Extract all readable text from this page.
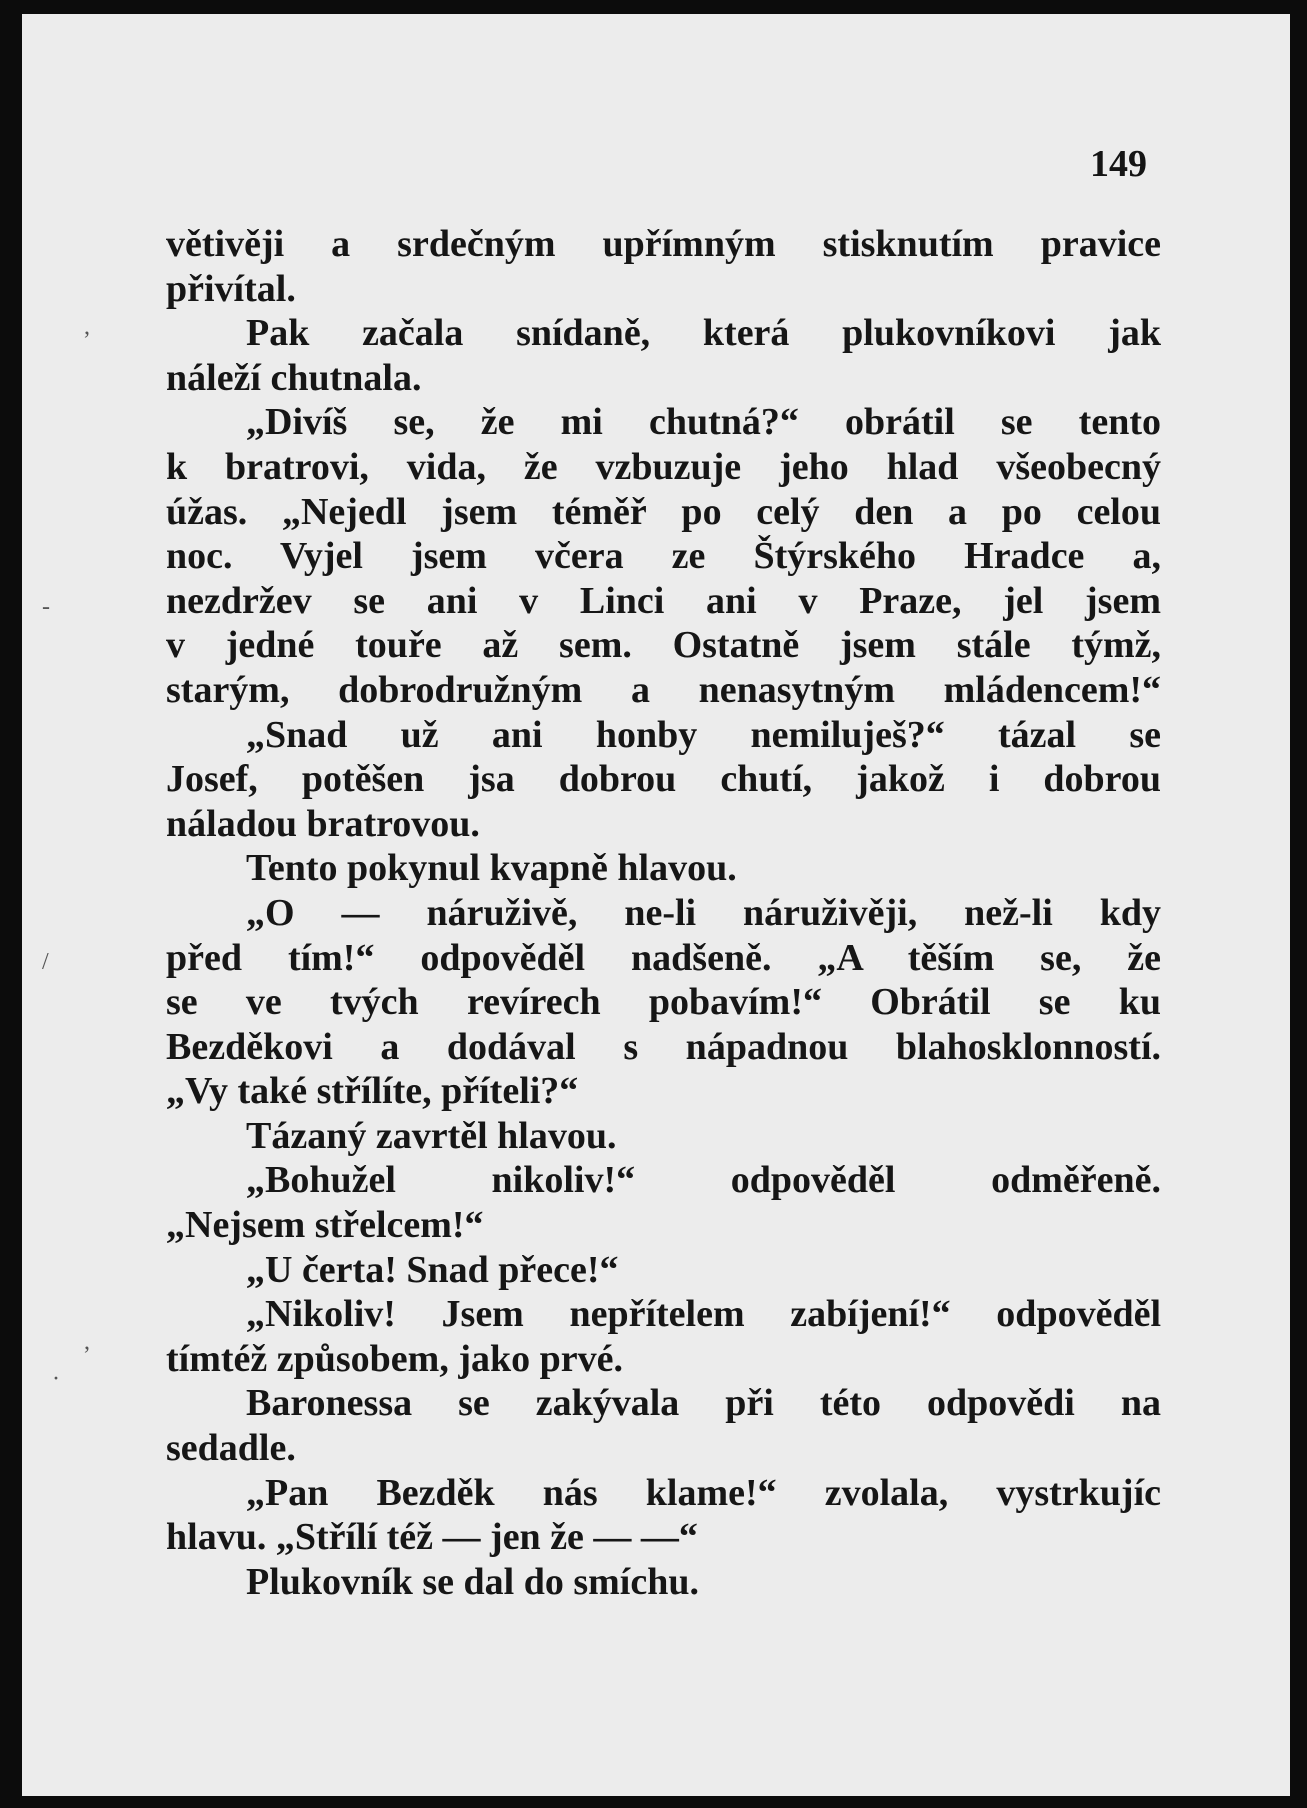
149

větivěji a srdečným upřímným stisknutím pravice
přivítal.
Pak začala snídaně, která plukovníkovi jak
náleží chutnala.
„Divíš se, že mi chutná?“ obrátil se tento
k bratrovi, vida, že vzbuzuje jeho hlad všeobecný
úžas. „Nejedl jsem téměř po celý den a po celou
noc. Vyjel jsem včera ze Štýrského Hradce a,
nezdržev se ani v Linci ani v Praze, jel jsem
v jedné touře až sem. Ostatně jsem stále týmž,
starým, dobrodružným a nenasytným mládencem!“
„Snad už ani honby nemiluješ?“ tázal se
Josef, potěšen jsa dobrou chutí, jakož i dobrou
náladou bratrovou.
Tento pokynul kvapně hlavou.
„O — náruživě, ne-li náruživěji, než-li kdy
před tím!“ odpověděl nadšeně. „A těším se, že
se ve tvých revírech pobavím!“ Obrátil se ku
Bezděkovi a dodával s nápadnou blahosklonností.
„Vy také střílíte, příteli?“
Tázaný zavrtěl hlavou.
„Bohužel nikoliv!“ odpověděl odměřeně.
„Nejsem střelcem!“
„U čerta! Snad přece!“
„Nikoliv! Jsem nepřítelem zabíjení!“ odpověděl
tímtéž způsobem, jako prvé.
Baronessa se zakývala při této odpovědi na
sedadle.
„Pan Bezděk nás klame!“ zvolala, vystrkujíc
hlavu. „Střílí též — jen že — —“
Plukovník se dal do smíchu.
,
-
/
,
·
